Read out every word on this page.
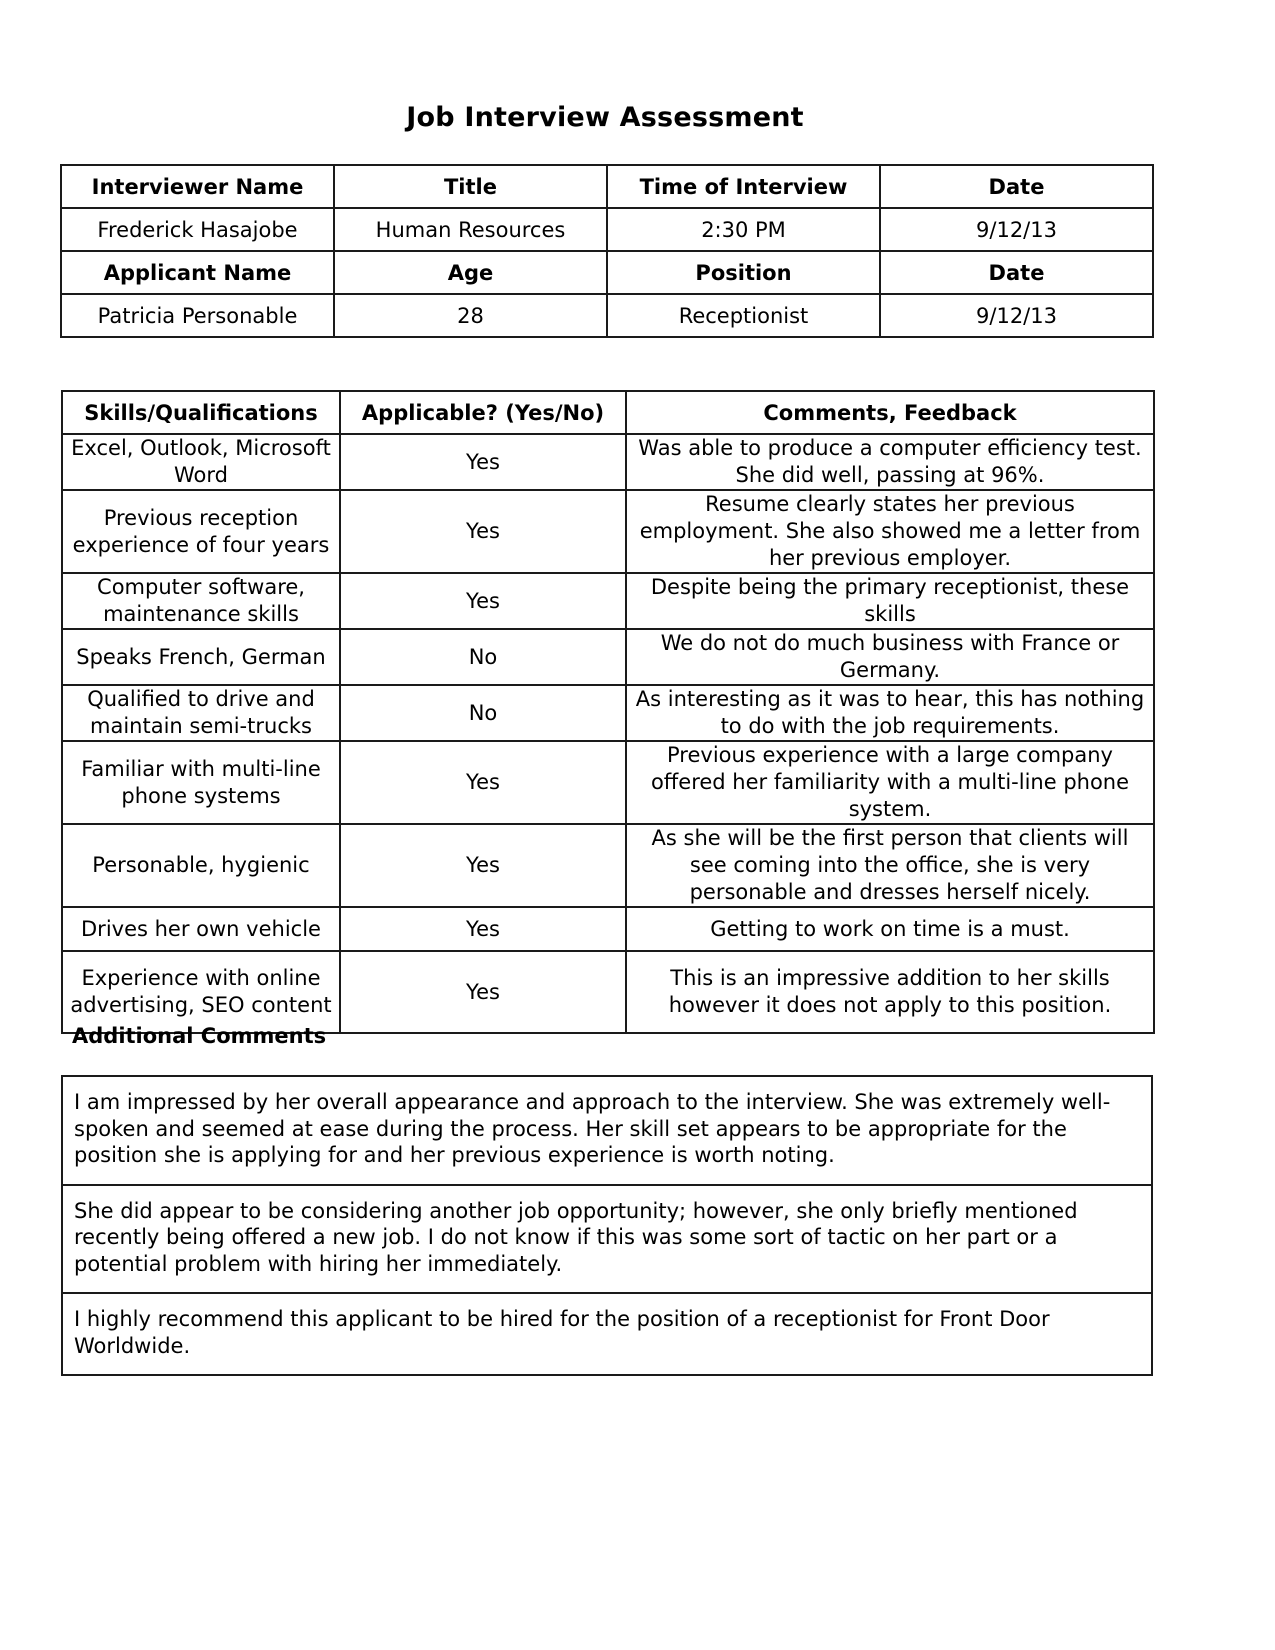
Job Interview Assessment
Interviewer Name	Title	Time of Interview	Date
Frederick Hasajobe	Human Resources	2:30 PM	9/12/13
Applicant Name	Age	Position	Date
Patricia Personable	28	Receptionist	9/12/13
Skills/Qualifications	Applicable? (Yes/No)	Comments, Feedback
Excel, Outlook, Microsoft Word	Yes	Was able to produce a computer efficiency test. She did well, passing at 96%.
Previous reception experience of four years	Yes	Resume clearly states her previous employment. She also showed me a letter from her previous employer.
Computer software, maintenance skills	Yes	Despite being the primary receptionist, these skills
Speaks French, German	No	We do not do much business with France or Germany.
Qualified to drive and maintain semi-trucks	No	As interesting as it was to hear, this has nothing to do with the job requirements.
Familiar with multi-line phone systems	Yes	Previous experience with a large company offered her familiarity with a multi-line phone system.
Personable, hygienic	Yes	As she will be the first person that clients will see coming into the office, she is very personable and dresses herself nicely.
Drives her own vehicle	Yes	Getting to work on time is a must.
Experience with online advertising, SEO content	Yes	This is an impressive addition to her skills however it does not apply to this position.
Additional Comments
I am impressed by her overall appearance and approach to the interview. She was extremely well-spoken and seemed at ease during the process. Her skill set appears to be appropriate for the position she is applying for and her previous experience is worth noting.
She did appear to be considering another job opportunity; however, she only briefly mentioned recently being offered a new job. I do not know if this was some sort of tactic on her part or a potential problem with hiring her immediately.
I highly recommend this applicant to be hired for the position of a receptionist for Front Door Worldwide.
